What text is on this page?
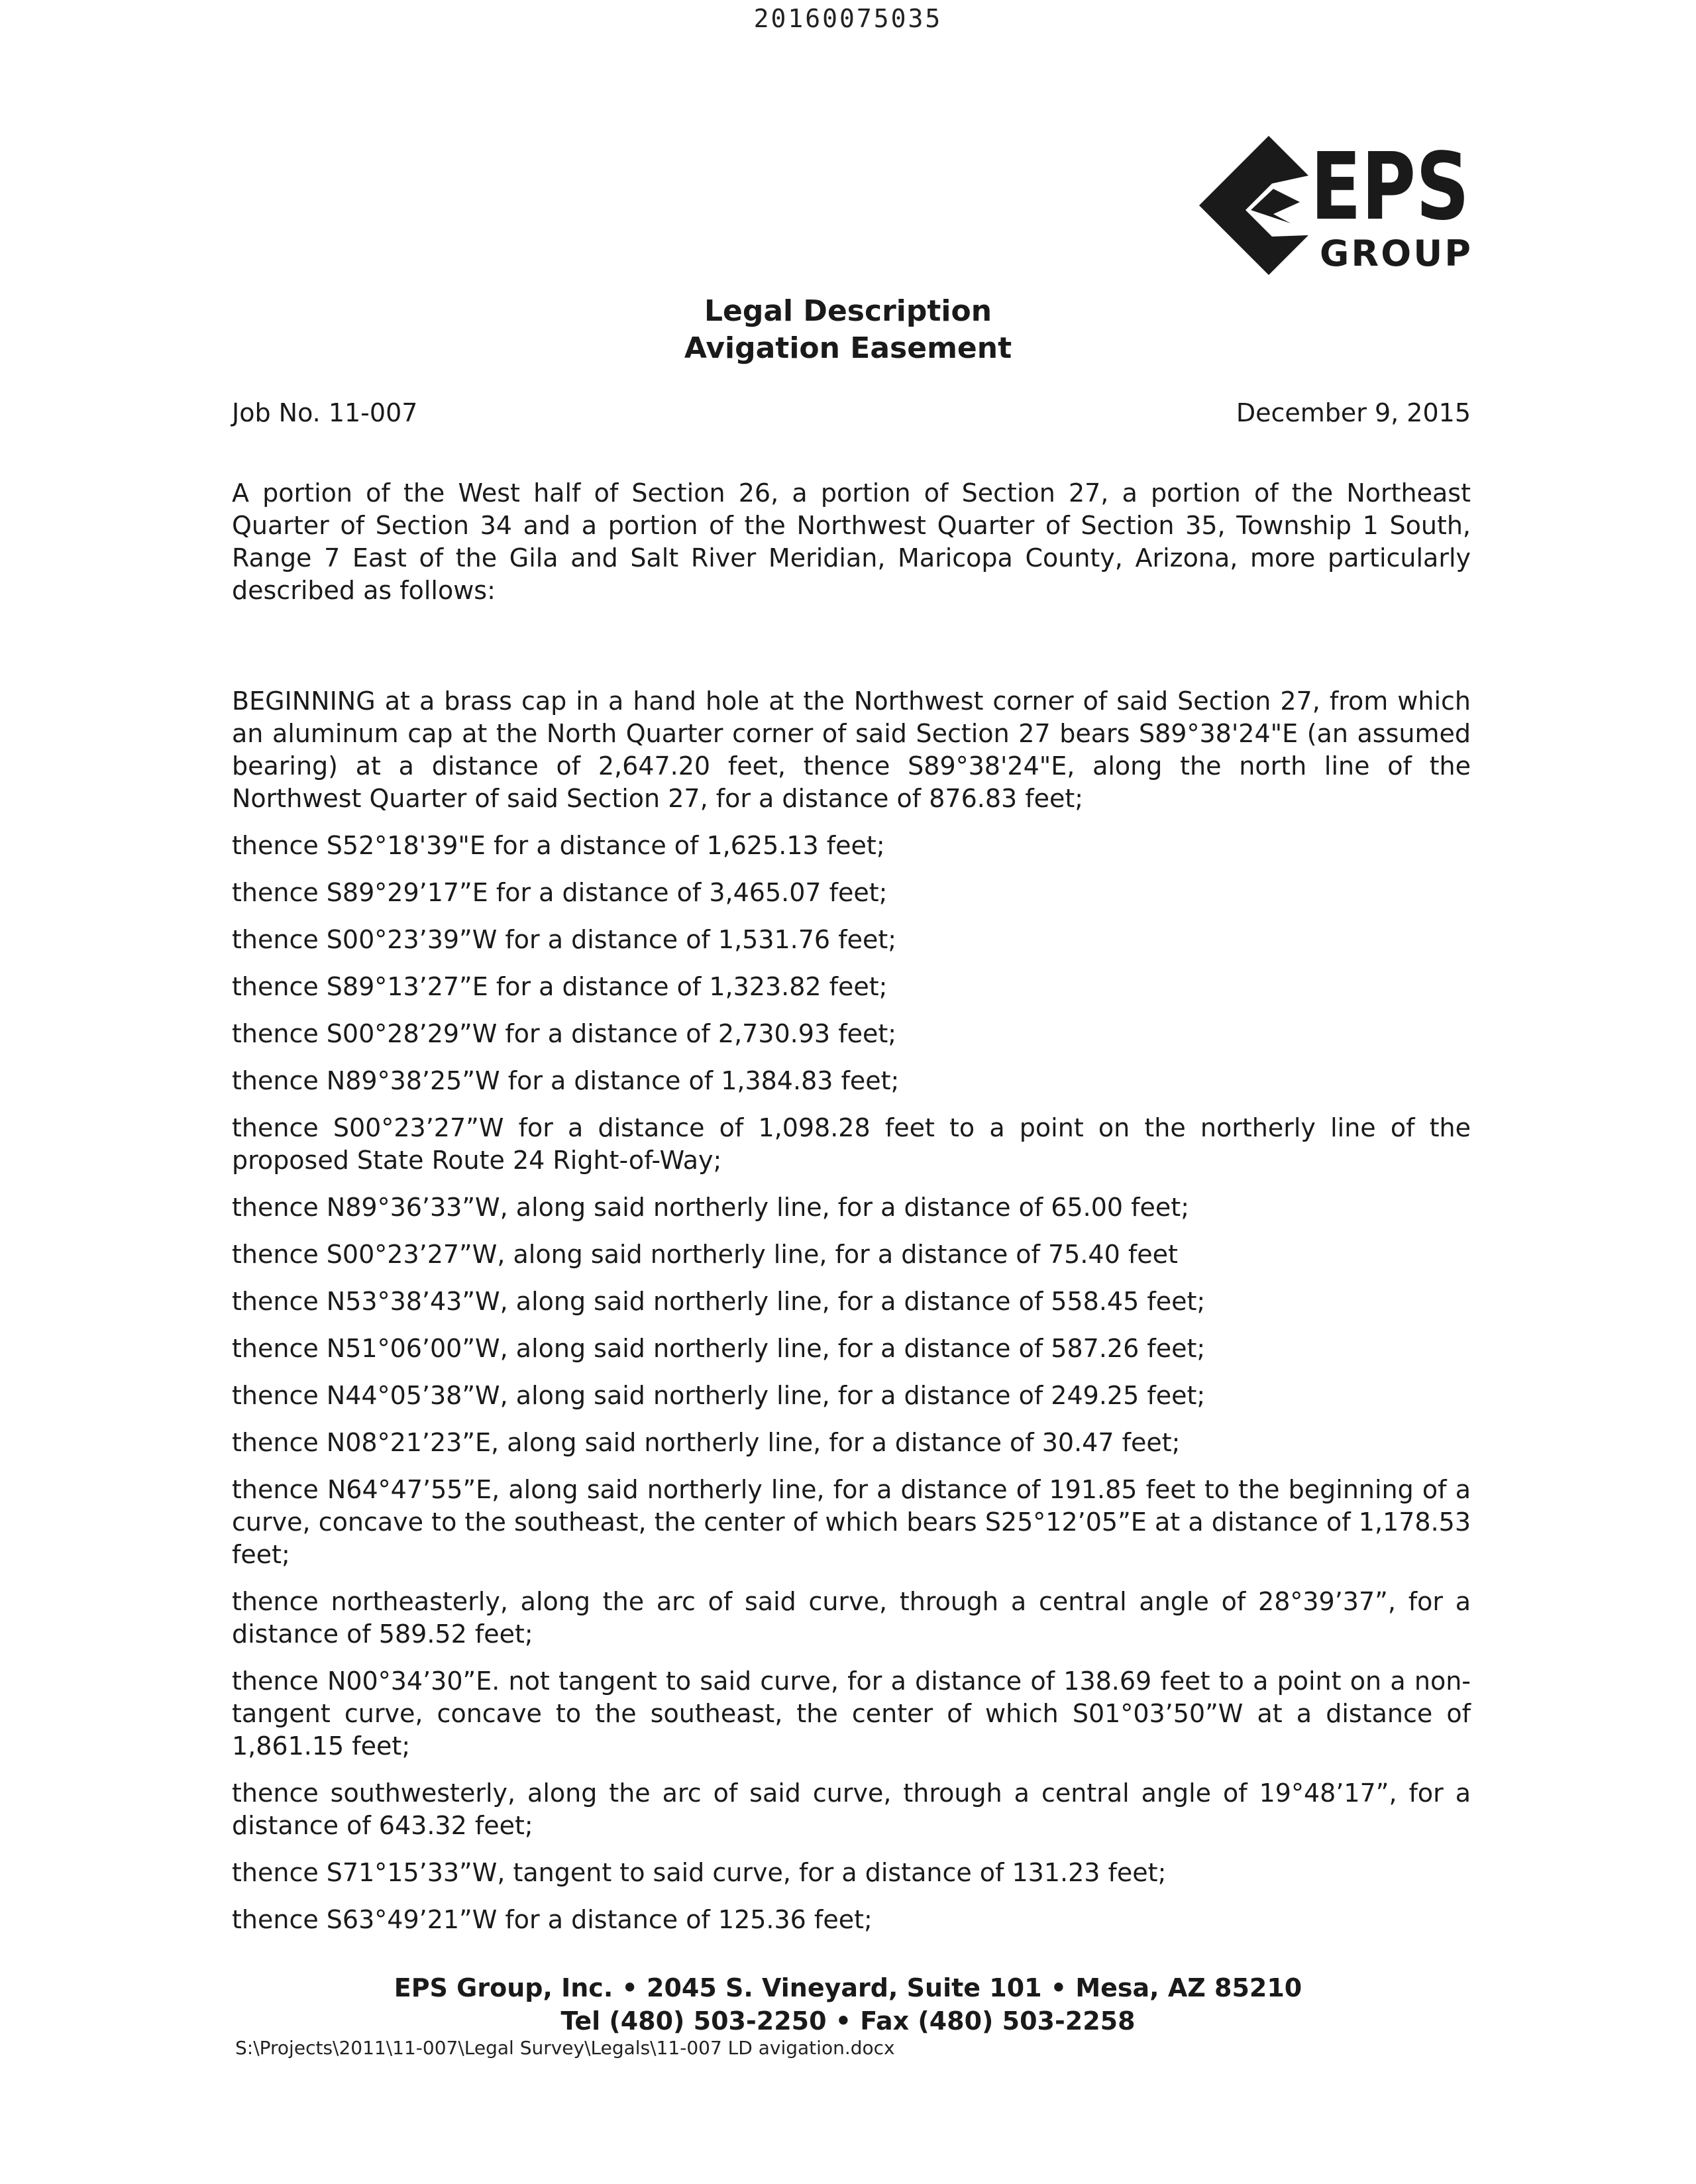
20160075035
EPS
GROUP
Legal Description
Avigation Easement
Job No. 11-007	December 9, 2015

A portion of the West half of Section 26, a portion of Section 27, a portion of the Northeast Quarter of Section 34 and a portion of the Northwest Quarter of Section 35, Township 1 South, Range 7 East of the Gila and Salt River Meridian, Maricopa County, Arizona, more particularly described as follows:

BEGINNING at a brass cap in a hand hole at the Northwest corner of said Section 27, from which an aluminum cap at the North Quarter corner of said Section 27 bears S89°38'24"E (an assumed bearing) at a distance of 2,647.20 feet, thence S89°38'24"E, along the north line of the Northwest Quarter of said Section 27, for a distance of 876.83 feet;

thence S52°18'39"E for a distance of 1,625.13 feet;

thence S89°29’17”E for a distance of 3,465.07 feet;

thence S00°23’39”W for a distance of 1,531.76 feet;

thence S89°13’27”E for a distance of 1,323.82 feet;

thence S00°28’29”W for a distance of 2,730.93 feet;

thence N89°38’25”W for a distance of 1,384.83 feet;

thence S00°23’27”W for a distance of 1,098.28 feet to a point on the northerly line of the proposed State Route 24 Right-of-Way;

thence N89°36’33”W, along said northerly line, for a distance of 65.00 feet;

thence S00°23’27”W, along said northerly line, for a distance of 75.40 feet

thence N53°38’43”W, along said northerly line, for a distance of 558.45 feet;

thence N51°06’00”W, along said northerly line, for a distance of 587.26 feet;

thence N44°05’38”W, along said northerly line, for a distance of 249.25 feet;

thence N08°21’23”E, along said northerly line, for a distance of 30.47 feet;

thence N64°47’55”E, along said northerly line, for a distance of 191.85 feet to the beginning of a curve, concave to the southeast, the center of which bears S25°12’05”E at a distance of 1,178.53 feet;

thence northeasterly, along the arc of said curve, through a central angle of 28°39’37”, for a distance of 589.52 feet;

thence N00°34’30”E. not tangent to said curve, for a distance of 138.69 feet to a point on a non-tangent curve, concave to the southeast, the center of which S01°03’50”W at a distance of 1,861.15 feet;

thence southwesterly, along the arc of said curve, through a central angle of 19°48’17”, for a distance of 643.32 feet;

thence S71°15’33”W, tangent to said curve, for a distance of 131.23 feet;

thence S63°49’21”W for a distance of 125.36 feet;

EPS Group, Inc. • 2045 S. Vineyard, Suite 101 • Mesa, AZ 85210
Tel (480) 503-2250 • Fax (480) 503-2258
S:\Projects\2011\11-007\Legal Survey\Legals\11-007 LD avigation.docx
